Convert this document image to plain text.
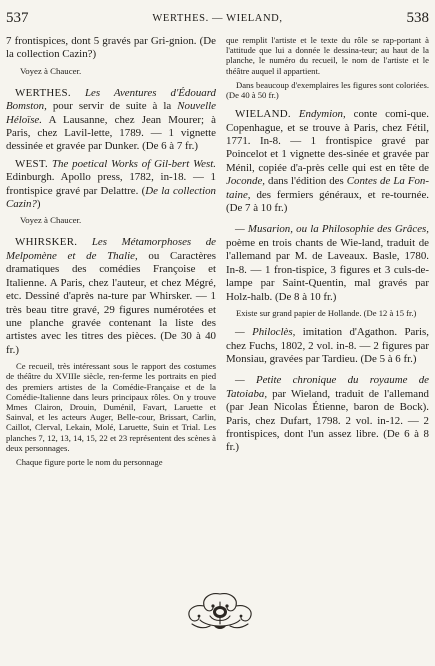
537	WERTHES. — WIELAND,	538

7 frontispices, dont 5 gravés par Gri-gnion. (De la collection Cazin?)

Voyez à Chaucer.

WERTHES. Les Aventures d'Édouard Bomston, pour servir de suite à la Nouvelle Héloïse. A Lausanne, chez Jean Mourer; à Paris, chez Lavil-lette, 1789. — 1 vignette dessinée et gravée par Dunker. (De 6 à 7 fr.)

WEST. The poetical Works of Gil-bert West. Edinburgh. Apollo press, 1782, in-18. — 1 frontispice gravé par Delattre. (De la collection Cazin?)

Voyez à Chaucer.

WHIRSKER. Les Métamorphoses de Melpomène et de Thalie, ou Caractères dramatiques des comédies Françoise et Italienne. A Paris, chez l'auteur, et chez Mégré, etc. Dessiné d'après na-ture par Whirsker. — 1 très beau titre gravé, 29 figures numérotées et une planche gravée contenant la liste des artistes avec les titres des pièces. (De 30 à 40 fr.)

Ce recueil, très intéressant sous le rapport des costumes de théâtre du XVIIIe siècle, ren-ferme les portraits en pied des premiers artistes de la Comédie-Française et de la Comédie-Italienne dans leurs principaux rôles. On y trouve Mmes Clairon, Drouin, Duménil, Favart, Laruette et Sainval, et les acteurs Auger, Belle-cour, Brissart, Carlin, Caillot, Clerval, Lekain, Molé, Laruette, Suin et Trial. Les planches 7, 12, 13, 14, 15, 22 et 23 représentent des scènes à deux personnages.

Chaque figure porte le nom du personnage

que remplit l'artiste et le texte du rôle se rap-portant à l'attitude que lui a donnée le dessina-teur; au haut de la planche, le numéro du recueil, le nom de l'artiste et le théâtre auquel il appartient.

Dans beaucoup d'exemplaires les figures sont coloriées. (De 40 à 50 fr.)

WIELAND. Endymion, conte comi-que. Copenhague, et se trouve à Paris, chez Fétil, 1771. In-8. — 1 frontispice gravé par Poincelot et 1 vignette des-sinée et gravée par Ménil, copiée d'a-près celle qui est en tête de Joconde, dans l'édition des Contes de La Fon-taine, des fermiers généraux, et re-tournée. (De 7 à 10 fr.)

— Musarion, ou la Philosophie des Grâces, poème en trois chants de Wie-land, traduit de l'allemand par M. de Laveaux. Basle, 1780. In-8. — 1 fron-tispice, 3 figures et 3 culs-de-lampe par Saint-Quentin, mal gravés par Holz-halb. (De 8 à 10 fr.)

Existe sur grand papier de Hollande. (De 12 à 15 fr.)

— Philoclès, imitation d'Agathon. Paris, chez Fuchs, 1802, 2 vol. in-8. — 2 figures par Monsiau, gravées par Tardieu. (De 5 à 6 fr.)

— Petite chronique du royaume de Tatoiaba, par Wieland, traduit de l'allemand (par Jean Nicolas Étienne, baron de Bock). Paris, chez Dufart, 1798. 2 vol. in-12. — 2 frontispices, dont l'un assez libre. (De 6 à 8 fr.)
